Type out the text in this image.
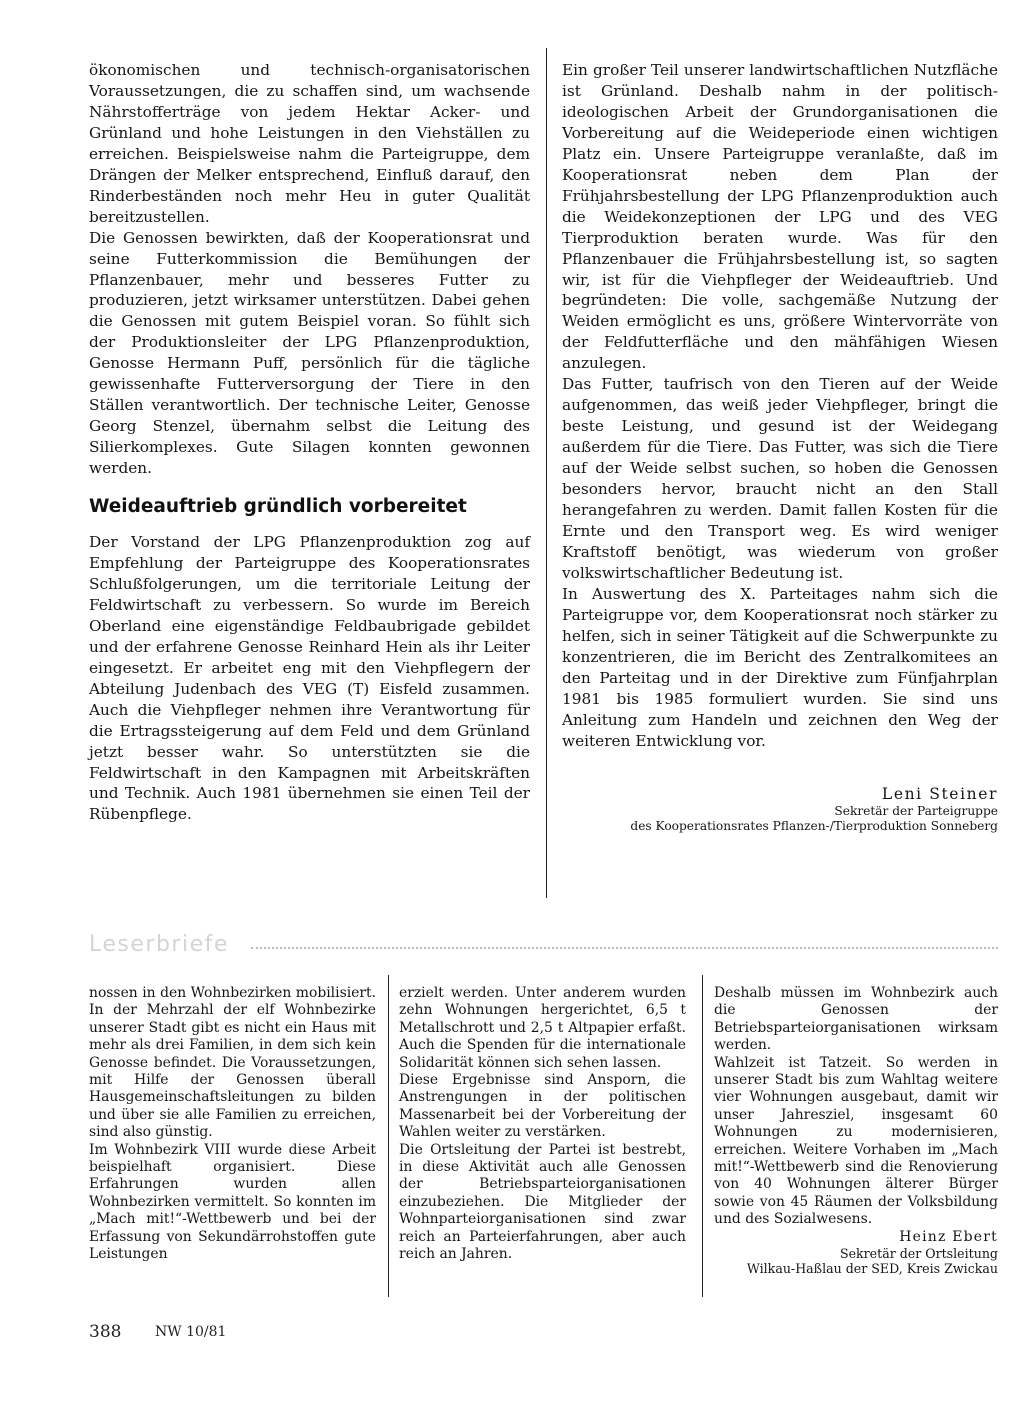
ökonomischen und technisch-organisatorischen Voraussetzungen, die zu schaffen sind, um wachsende Nährstofferträge von jedem Hektar Acker- und Grünland und hohe Leistungen in den Viehställen zu erreichen. Beispielsweise nahm die Parteigruppe, dem Drängen der Melker entsprechend, Einfluß darauf, den Rinderbeständen noch mehr Heu in guter Qualität bereitzustellen.

Die Genossen bewirkten, daß der Kooperationsrat und seine Futterkommission die Bemühungen der Pflanzenbauer, mehr und besseres Futter zu produzieren, jetzt wirksamer unterstützen. Dabei gehen die Genossen mit gutem Beispiel voran. So fühlt sich der Produktionsleiter der LPG Pflanzenproduktion, Genosse Hermann Puff, persönlich für die tägliche gewissenhafte Futterversorgung der Tiere in den Ställen verantwortlich. Der technische Leiter, Genosse Georg Stenzel, übernahm selbst die Leitung des Silierkomplexes. Gute Silagen konnten gewonnen werden.

Weideauftrieb gründlich vorbereitet

Der Vorstand der LPG Pflanzenproduktion zog auf Empfehlung der Parteigruppe des Kooperationsrates Schlußfolgerungen, um die territoriale Leitung der Feldwirtschaft zu verbessern. So wurde im Bereich Oberland eine eigenständige Feldbaubrigade gebildet und der erfahrene Genosse Reinhard Hein als ihr Leiter eingesetzt. Er arbeitet eng mit den Viehpflegern der Abteilung Judenbach des VEG (T) Eisfeld zusammen. Auch die Viehpfleger nehmen ihre Verantwortung für die Ertragssteigerung auf dem Feld und dem Grünland jetzt besser wahr. So unterstützten sie die Feldwirtschaft in den Kampagnen mit Arbeitskräften und Technik. Auch 1981 übernehmen sie einen Teil der Rübenpflege.

Ein großer Teil unserer landwirtschaftlichen Nutzfläche ist Grünland. Deshalb nahm in der politisch-ideologischen Arbeit der Grundorganisationen die Vorbereitung auf die Weideperiode einen wichtigen Platz ein. Unsere Parteigruppe veranlaßte, daß im Kooperationsrat neben dem Plan der Frühjahrsbestellung der LPG Pflanzenproduktion auch die Weidekonzeptionen der LPG und des VEG Tierproduktion beraten wurde. Was für den Pflanzenbauer die Frühjahrsbestellung ist, so sagten wir, ist für die Viehpfleger der Weideauftrieb. Und begründeten: Die volle, sachgemäße Nutzung der Weiden ermöglicht es uns, größere Wintervorräte von der Feldfutterfläche und den mähfähigen Wiesen anzulegen.

Das Futter, taufrisch von den Tieren auf der Weide aufgenommen, das weiß jeder Viehpfleger, bringt die beste Leistung, und gesund ist der Weidegang außerdem für die Tiere. Das Futter, was sich die Tiere auf der Weide selbst suchen, so hoben die Genossen besonders hervor, braucht nicht an den Stall herangefahren zu werden. Damit fallen Kosten für die Ernte und den Transport weg. Es wird weniger Kraftstoff benötigt, was wiederum von großer volkswirtschaftlicher Bedeutung ist.

In Auswertung des X. Parteitages nahm sich die Parteigruppe vor, dem Kooperationsrat noch stärker zu helfen, sich in seiner Tätigkeit auf die Schwerpunkte zu konzentrieren, die im Bericht des Zentralkomitees an den Parteitag und in der Direktive zum Fünfjahrplan 1981 bis 1985 formuliert wurden. Sie sind uns Anleitung zum Handeln und zeichnen den Weg der weiteren Entwicklung vor.

Leni Steiner
Sekretär der Parteigruppe
des Kooperationsrates Pflanzen-/Tierproduktion Sonneberg
Leserbriefe

nossen in den Wohnbezirken mobilisiert. In der Mehrzahl der elf Wohnbezirke unserer Stadt gibt es nicht ein Haus mit mehr als drei Familien, in dem sich kein Genosse befindet. Die Voraussetzungen, mit Hilfe der Genossen überall Hausgemeinschaftsleitungen zu bilden und über sie alle Familien zu erreichen, sind also günstig.

Im Wohnbezirk VIII wurde diese Arbeit beispielhaft organisiert. Diese Erfahrungen wurden allen Wohnbezirken vermittelt. So konnten im „Mach mit!“-Wettbewerb und bei der Erfassung von Sekundärrohstoffen gute Leistungen

erzielt werden. Unter anderem wurden zehn Wohnungen hergerichtet, 6,5 t Metallschrott und 2,5 t Altpapier erfaßt. Auch die Spenden für die internationale Solidarität können sich sehen lassen.

Diese Ergebnisse sind Ansporn, die Anstrengungen in der politischen Massenarbeit bei der Vorbereitung der Wahlen weiter zu verstärken.

Die Ortsleitung der Partei ist bestrebt, in diese Aktivität auch alle Genossen der Betriebsparteiorganisationen einzubeziehen. Die Mitglieder der Wohnparteiorganisationen sind zwar reich an Parteierfahrungen, aber auch reich an Jahren.

Deshalb müssen im Wohnbezirk auch die Genossen der Betriebsparteiorganisationen wirksam werden.

Wahlzeit ist Tatzeit. So werden in unserer Stadt bis zum Wahltag weitere vier Wohnungen ausgebaut, damit wir unser Jahresziel, insgesamt 60 Wohnungen zu modernisieren, erreichen. Weitere Vorhaben im „Mach mit!“-Wettbewerb sind die Renovierung von 40 Wohnungen älterer Bürger sowie von 45 Räumen der Volksbildung und des Sozialwesens.

Heinz Ebert
Sekretär der Ortsleitung
Wilkau-Haßlau der SED, Kreis Zwickau
388 NW 10/81
